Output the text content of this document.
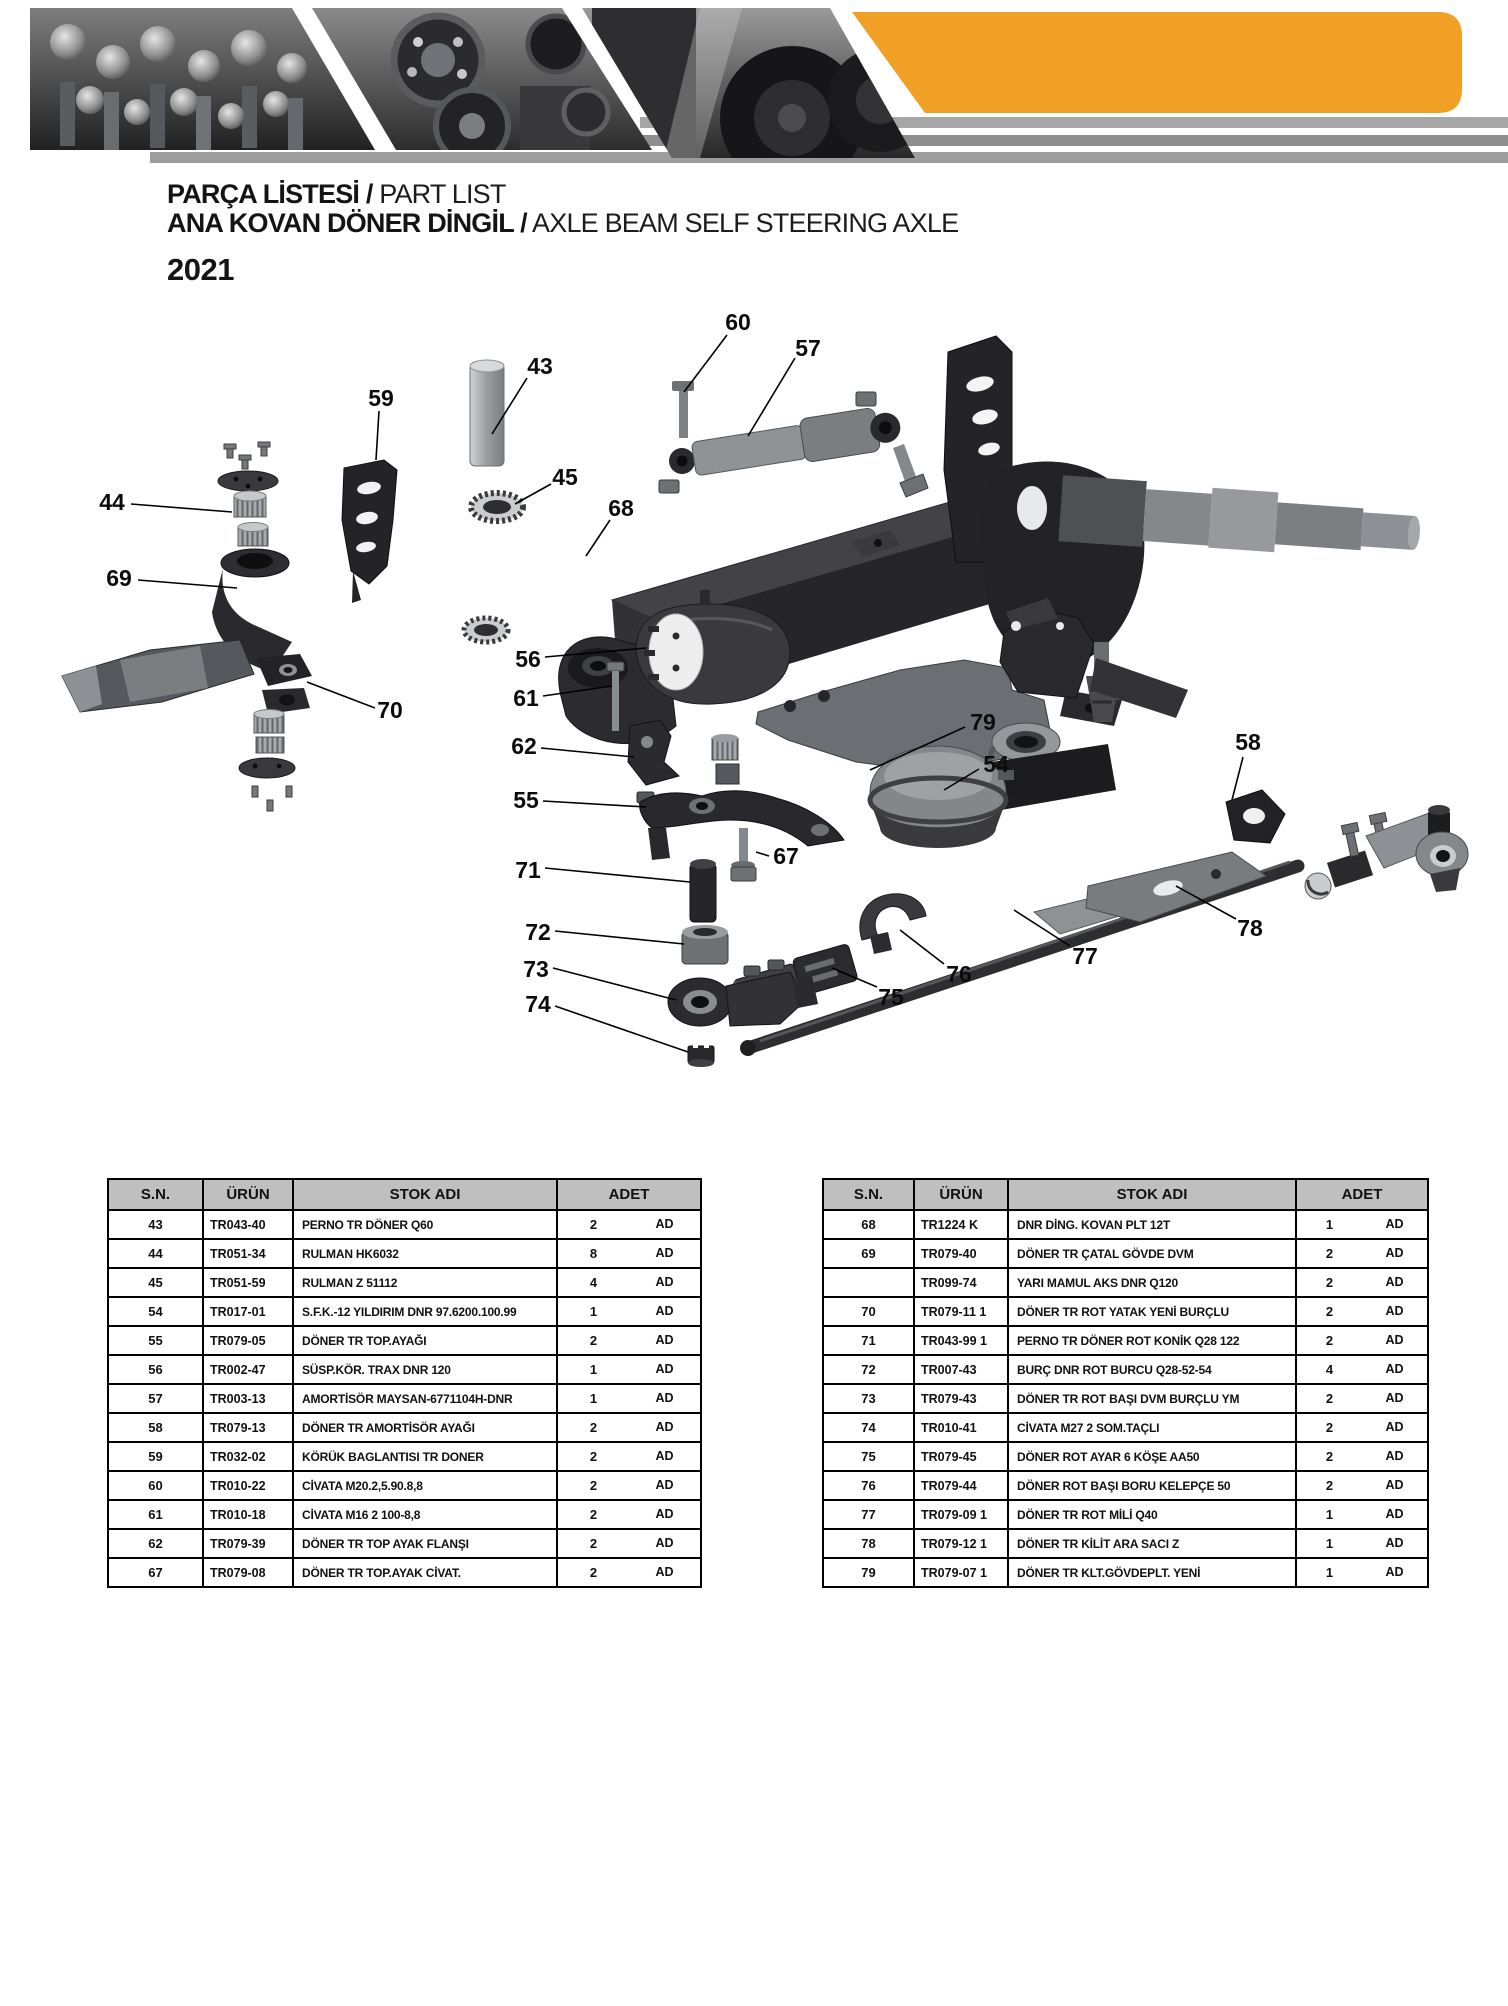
PARÇA LİSTESİ / PART LIST
ANA KOVAN DÖNER DİNGİL / AXLE BEAM SELF STEERING AXLE
2021
43
59
60
57
44
69
45
68
70
56
61
62
55
79
54
67
71
72
73
74	75
76
77
78
58
S.N.	ÜRÜN	STOK ADI	ADET
43	TR043-40	PERNO TR DÖNER Q60	2 AD

44	TR051-34	RULMAN HK6032	8 AD

45	TR051-59	RULMAN Z 51112	4 AD

54	TR017-01	S.F.K.-12 YILDIRIM DNR 97.6200.100.99	1 AD

55	TR079-05	DÖNER TR TOP.AYAĞI	2 AD

56	TR002-47	SÜSP.KÖR. TRAX DNR 120	1 AD

57	TR003-13	AMORTİSÖR MAYSAN-6771104H-DNR	1 AD

58	TR079-13	DÖNER TR AMORTİSÖR AYAĞI	2 AD

59	TR032-02	KÖRÜK BAGLANTISI TR DONER	2 AD

60	TR010-22	CİVATA M20.2,5.90.8,8	2 AD

61	TR010-18	CİVATA M16 2 100-8,8	2 AD

62	TR079-39	DÖNER TR TOP AYAK FLANŞI	2 AD

67	TR079-08	DÖNER TR TOP.AYAK CİVAT.	2 AD
S.N.	ÜRÜN	STOK ADI	ADET
68	TR1224 K	DNR DİNG. KOVAN PLT 12T	1 AD

69	TR079-40	DÖNER TR ÇATAL GÖVDE DVM	2 AD

	TR099-74	YARI MAMUL AKS DNR Q120	2 AD

70	TR079-11 1	DÖNER TR ROT YATAK YENİ BURÇLU	2 AD

71	TR043-99 1	PERNO TR DÖNER ROT KONİK Q28 122	2 AD

72	TR007-43	BURÇ DNR ROT BURCU Q28-52-54	4 AD

73	TR079-43	DÖNER TR ROT BAŞI DVM BURÇLU YM	2 AD

74	TR010-41	CİVATA M27 2 SOM.TAÇLI	2 AD

75	TR079-45	DÖNER ROT AYAR 6 KÖŞE AA50	2 AD

76	TR079-44	DÖNER ROT BAŞI BORU KELEPÇE 50	2 AD

77	TR079-09 1	DÖNER TR ROT MİLİ Q40	1 AD

78	TR079-12 1	DÖNER TR KİLİT ARA SACI Z	1 AD

79	TR079-07 1	DÖNER TR KLT.GÖVDEPLT. YENİ	1 AD
